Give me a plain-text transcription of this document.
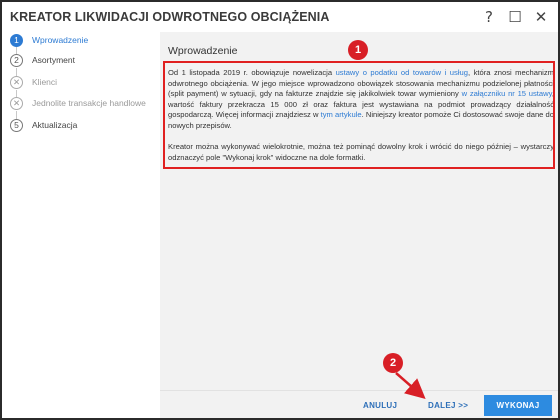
KREATOR LIKWIDACJI ODWROTNEGO OBCIĄŻENIA	?	☐ ✕
1	Wprowadzenie
2	Asortyment
✕	Klienci
✕	Jednolite transakcje handlowe
5	Aktualizacja
Wprowadzenie

Od 1 listopada 2019 r. obowiązuje nowelizacja ustawy o podatku od towarów i usług, która znosi mechanizm odwrotnego obciążenia. W jego miejsce wprowadzono obowiązek stosowania mechanizmu podzielonej płatności (split payment) w sytuacji, gdy na fakturze znajdzie się jakikolwiek towar wymieniony w załączniku nr 15 ustawy, wartość faktury przekracza 15 000 zł oraz faktura jest wystawiana na podmiot prowadzący działalność gospodarczą. Więcej informacji znajdziesz w tym artykule. Niniejszy kreator pomoże Ci dostosować swoje dane do nowych przepisów.

Kreator można wykonywać wielokrotnie, można też pominąć dowolny krok i wrócić do niego później – wystarczy odznaczyć pole "Wykonaj krok" widoczne na dole formatki.

ANULUJ	DALEJ >>	WYKONAJ
1
2
